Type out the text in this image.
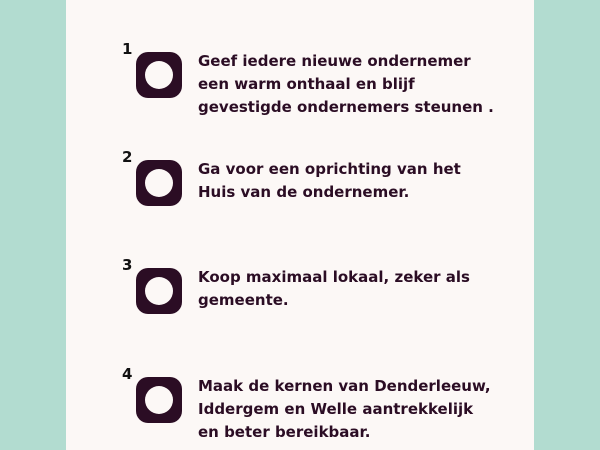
1

Geef iedere nieuwe ondernemer een warm onthaal en blijf gevestigde ondernemers steunen .

2

Ga voor een oprichting van het Huis van de ondernemer.

3

Koop maximaal lokaal, zeker als gemeente.

4

Maak de kernen van Denderleeuw, Iddergem en Welle aantrekkelijk en beter bereikbaar.
